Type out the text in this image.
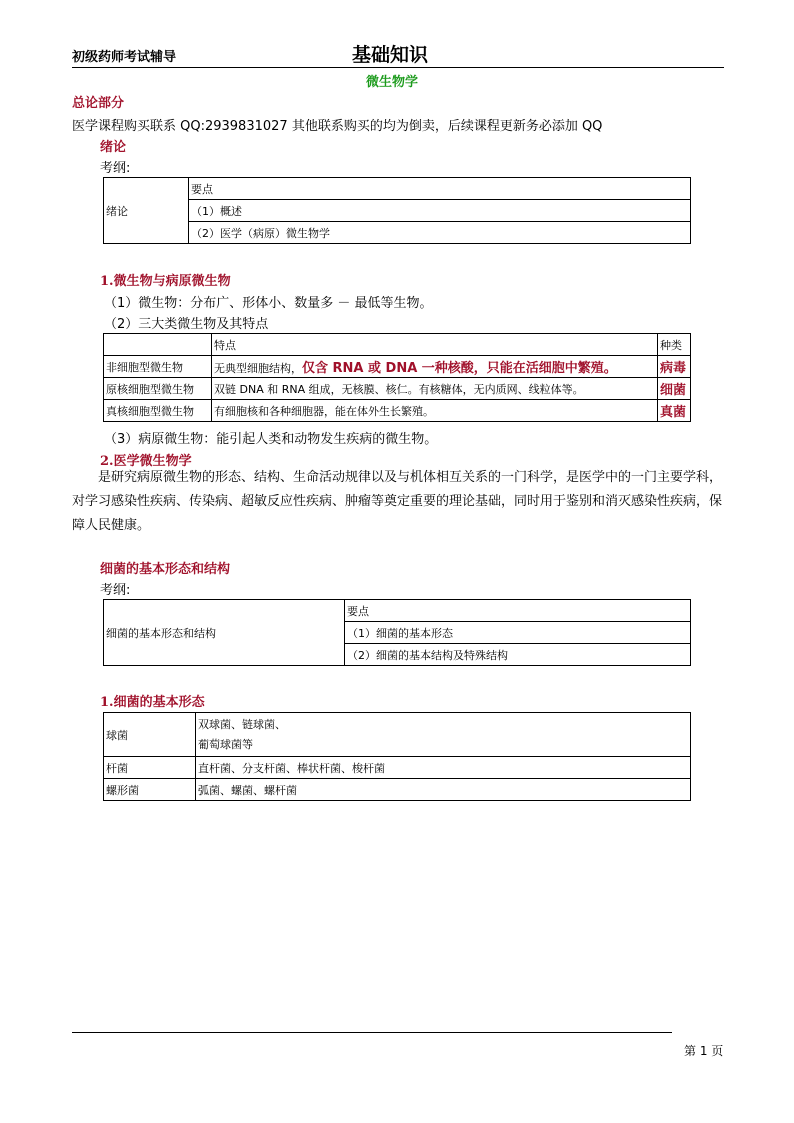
初级药师考试辅导	基础知识
微生物学
总论部分
医学课程购买联系 QQ:2939831027 其他联系购买的均为倒卖，后续课程更新务必添加 QQ
绪论
考纲:
绪论	要点
（1）概述
（2）医学（病原）微生物学
1.微生物与病原微生物
（1）微生物：分布广、形体小、数量多 － 最低等生物。
（2）三大类微生物及其特点
	特点	种类
非细胞型微生物	无典型细胞结构，仅含 RNA 或 DNA 一种核酸，只能在活细胞中繁殖。	病毒
原核细胞型微生物	双链 DNA 和 RNA 组成，无核膜、核仁。有核糖体，无内质网、线粒体等。	细菌
真核细胞型微生物	有细胞核和各种细胞器，能在体外生长繁殖。	真菌
（3）病原微生物：能引起人类和动物发生疾病的微生物。
2.医学微生物学
是研究病原微生物的形态、结构、生命活动规律以及与机体相互关系的一门科学，是医学中的一门主要学科，对学习感染性疾病、传染病、超敏反应性疾病、肿瘤等奠定重要的理论基础，同时用于鉴别和消灭感染性疾病，保障人民健康。
细菌的基本形态和结构
考纲:
细菌的基本形态和结构	要点
（1）细菌的基本形态
（2）细菌的基本结构及特殊结构
1.细菌的基本形态
球菌	双球菌、链球菌、
葡萄球菌等

杆菌	直杆菌、分支杆菌、棒状杆菌、梭杆菌
螺形菌	弧菌、螺菌、螺杆菌
第 1 页
